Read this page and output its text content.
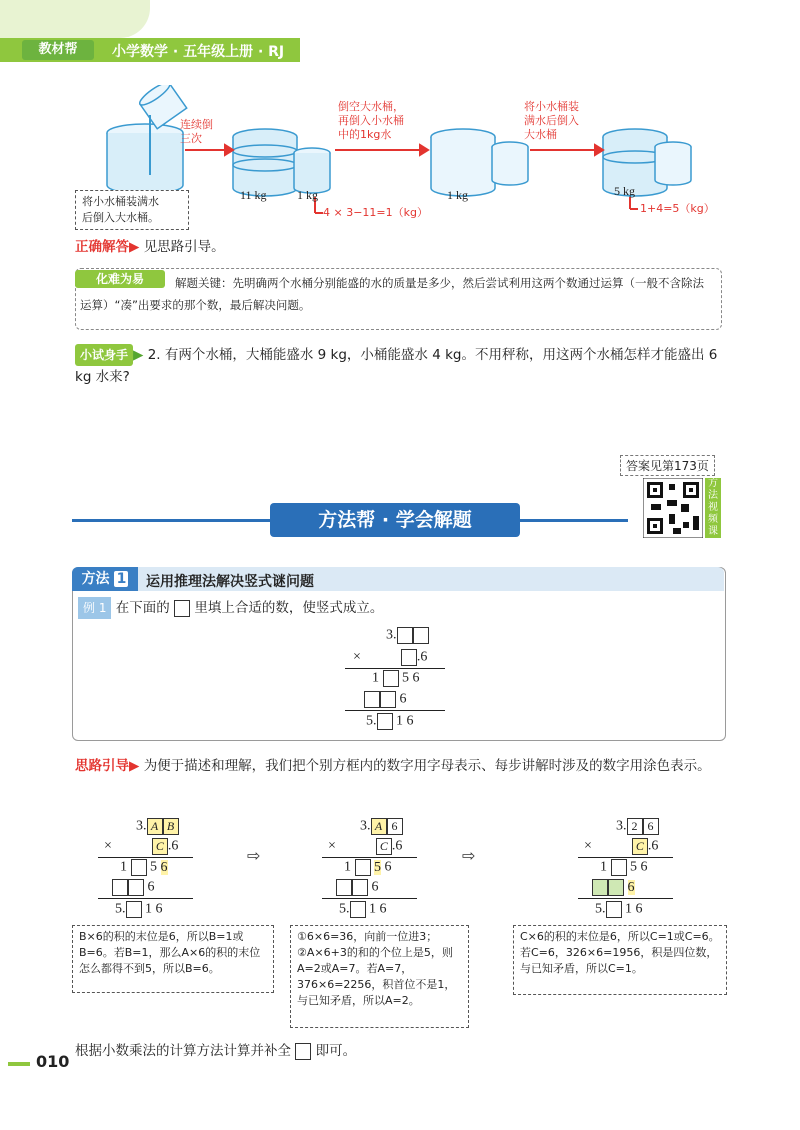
教材帮	小学数学 · 五年级上册 · RJ
连续倒
三次
倒空大水桶，
再倒入小水桶
中的1kg水
将小水桶装
满水后倒入
大水桶
11 kg	1 kg
4 × 3−11=1（kg）
1 kg	5 kg
1+4=5（kg）
将小水桶装满水
后倒入大水桶。
正确解答▶ 见思路引导。
化难为易	解题关键：先明确两个水桶分别能盛的水的质量是多少，然后尝试利用这两个数通过运算（一般不含除法运算）“凑”出要求的那个数，最后解决问题。
小试身手 ▶ 2. 有两个水桶，大桶能盛水 9 kg，小桶能盛水 4 kg。不用秤称，用这两个水桶怎样才能盛出 6 kg 水来?
答案见第173页
方法视频课
方法帮 · 学会解题
方法 1	运用推理法解决竖式谜问题
例 1 在下面的 里填上合适的数，使竖式成立。
3.
×	.6
1 5 6
6
5. 1 6
思路引导▶ 为便于描述和理解，我们把个别方框内的数字用字母表示、每步讲解时涉及的数字用涂色表示。
3. A B
×	C .6
1  5 6
6
5. 1 6
3. A 6
×	C .6
1  5 6
6
5. 1 6
3. 2 6
×	C .6
1  5 6
6
5. 1 6
⇨	⇨
B×6的积的末位是6，所以B=1或B=6。若B=1，那么A×6的积的末位怎么都得不到5，所以B=6。
①6×6=36，向前一位进3；②A×6+3的和的个位上是5，则A=2或A=7。若A=7，376×6=2256，积首位不是1，与已知矛盾，所以A=2。
C×6的积的末位是6，所以C=1或C=6。若C=6，326×6=1956，积是四位数，与已知矛盾，所以C=1。
根据小数乘法的计算方法计算并补全 即可。
010
